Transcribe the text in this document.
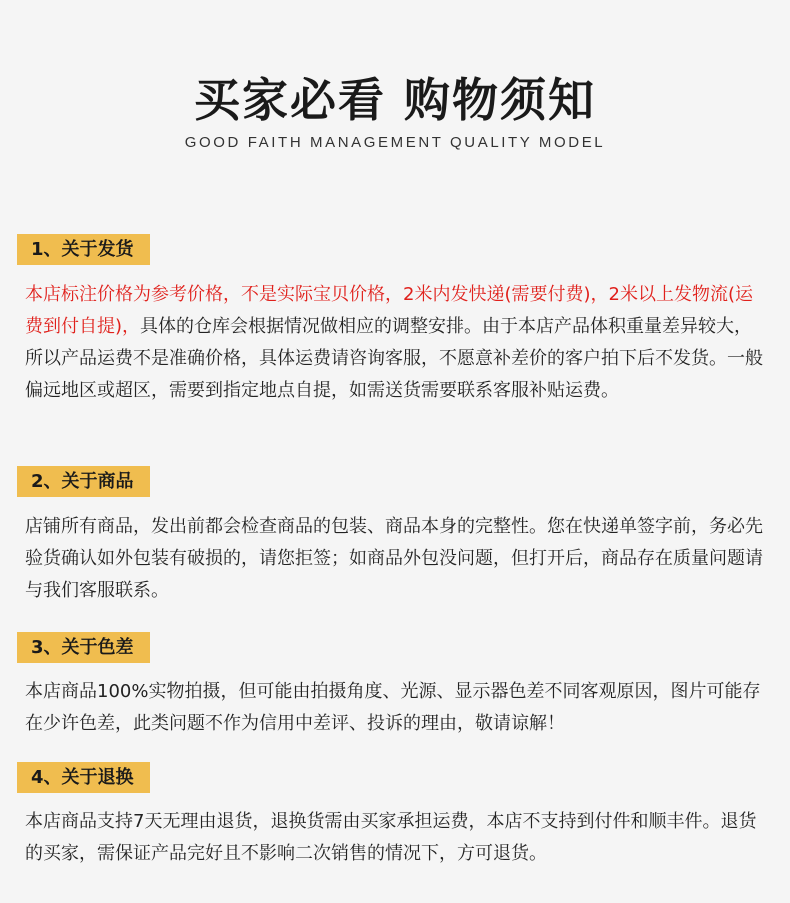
买家必看 购物须知
GOOD FAITH MANAGEMENT QUALITY MODEL
1、关于发货
本店标注价格为参考价格，不是实际宝贝价格，2米内发快递(需要付费)，2米以上发物流(运费到付自提)，具体的仓库会根据情况做相应的调整安排。由于本店产品体积重量差异较大，所以产品运费不是准确价格，具体运费请咨询客服，不愿意补差价的客户拍下后不发货。一般偏远地区或超区，需要到指定地点自提，如需送货需要联系客服补贴运费。
2、关于商品
店铺所有商品，发出前都会检查商品的包装、商品本身的完整性。您在快递单签字前，务必先验货确认如外包装有破损的，请您拒签；如商品外包没问题，但打开后，商品存在质量问题请与我们客服联系。
3、关于色差
本店商品100%实物拍摄，但可能由拍摄角度、光源、显示器色差不同客观原因，图片可能存在少许色差，此类问题不作为信用中差评、投诉的理由，敬请谅解！
4、关于退换
本店商品支持7天无理由退货，退换货需由买家承担运费，本店不支持到付件和顺丰件。退货的买家，需保证产品完好且不影响二次销售的情况下，方可退货。
